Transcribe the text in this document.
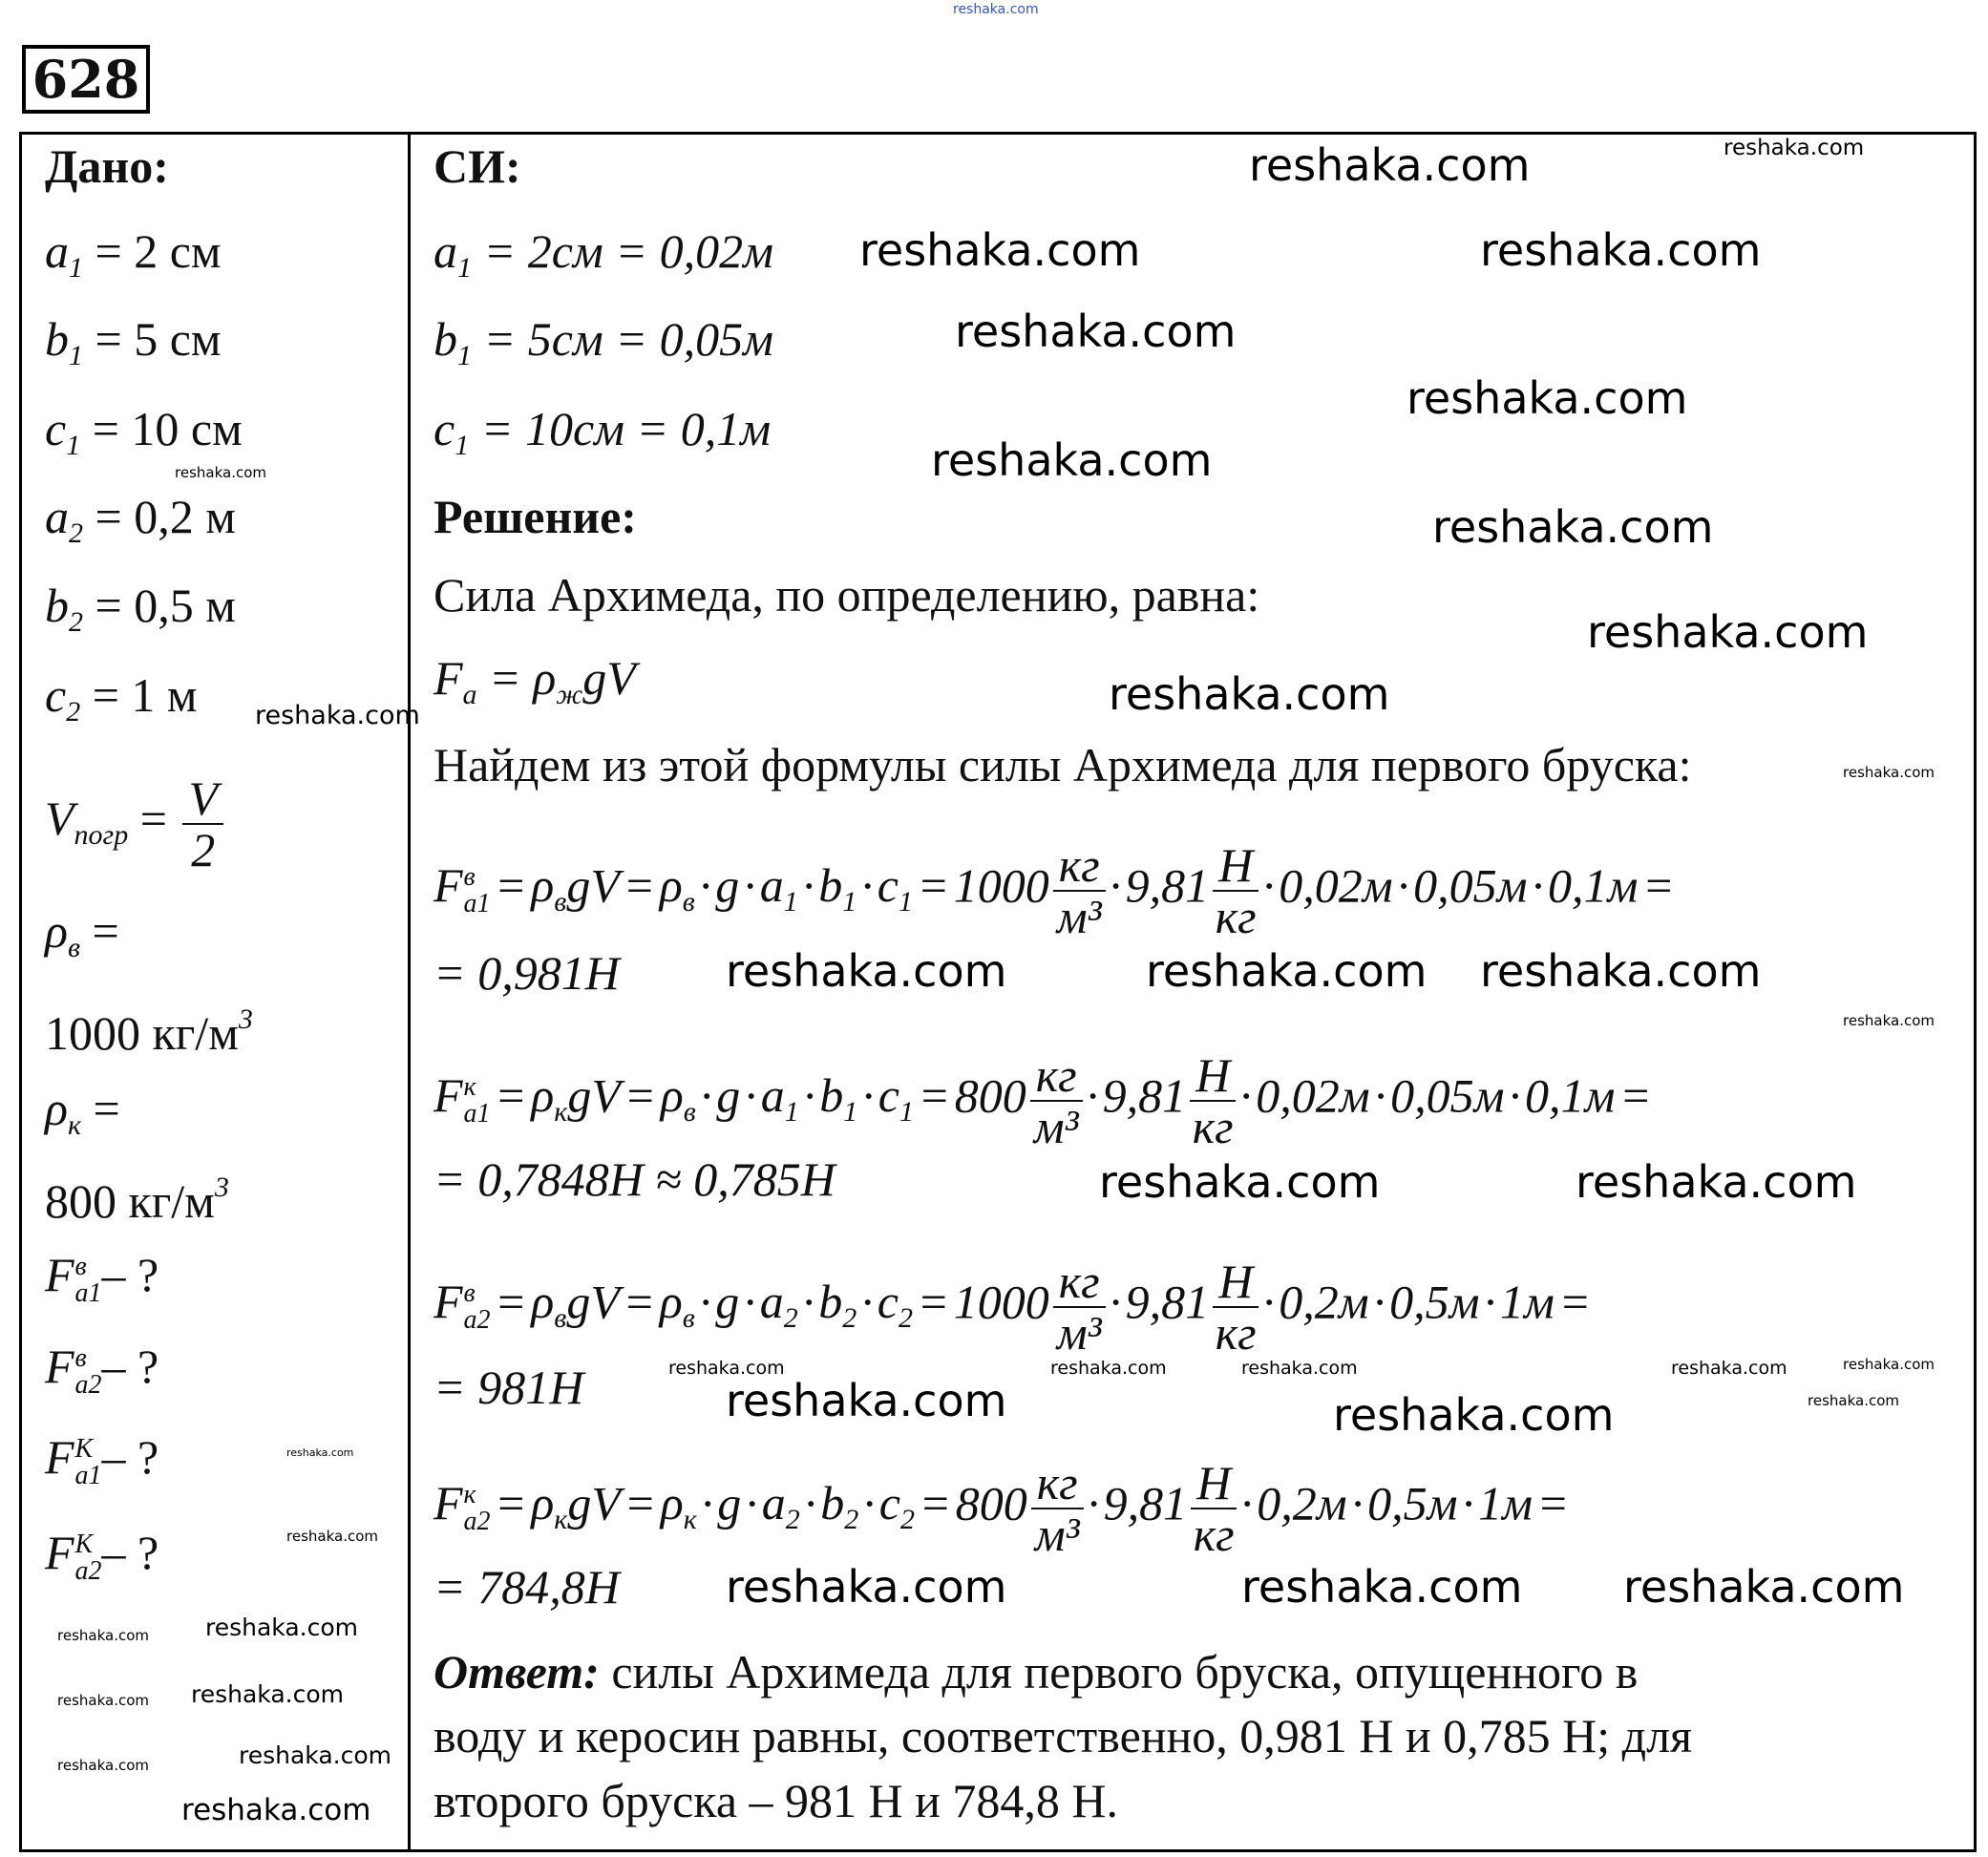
628
Дано:
$a_1 = 2$ см
$b_1 = 5$ см
$c_1 = 10$ см
$a_2 = 0,2$ м
$b_2 = 0,5$ м
$c_2 = 1$ м
$V_{погр} = \frac{V}{2}$
$\rho_в$ =
1000 $кг/м^3$
$\rho_к$ =
800 $кг/м^3$
F в
a1 – ?
F в
a2 – ?
F К
a1 – ?
F К
a2 – ?
СИ:
$a_1 = 2см = 0,02м$
$b_1 = 5см = 0,05м$
$c_1 = 10см = 0,1м$
Решение:
Сила Архимеда, по определению, равна:
$F_a = \rho_жgV$
Найдем из этой формулы силы Архимеда для первого бруска:
F в
$a1 = \rho_вgV = \rho_в \cdot g \cdot a_1 \cdot b_1 \cdot c_1 = 1000 \frac{кг}{\text{м³}} \cdot 9,81 \frac{Н}{кг} \cdot 0,02м \cdot 0,05м \cdot 0,1м$ =
= 0,981Н
F к
$a1 = \rho_кgV = \rho_в \cdot g \cdot a_1 \cdot b_1 \cdot c_1 = 800 \frac{кг}{\text{м³}} \cdot 9,81 \frac{Н}{кг} \cdot 0,02м \cdot 0,05м \cdot 0,1м$ =
= 0,7848Н ≈ 0,785Н
F в
$a2 = \rho_вgV = \rho_в \cdot g \cdot a_2 \cdot b_2 \cdot c_2 = 1000 \frac{кг}{\text{м³}} \cdot 9,81 \frac{Н}{кг} \cdot 0,2м \cdot 0,5м \cdot 1м$ =
= 981Н
F к
$a2 = \rho_кgV = \rho_к \cdot g \cdot a_2 \cdot b_2 \cdot c_2 = 800 \frac{кг}{\text{м³}} \cdot 9,81 \frac{Н}{кг} \cdot 0,2м \cdot 0,5м \cdot 1м$ =
= 784,8Н
Ответ: силы Архимеда для первого бруска, опущенного в
воду и керосин равны, соответственно, 0,981 Н и 0,785 Н; для
второго бруска – 981 Н и 784,8 Н.
reshaka.com
reshaka.com
reshaka.com
reshaka.com
reshaka.com
reshaka.com
reshaka.com
reshaka.com
reshaka.com
reshaka.com
reshaka.com
reshaka.com	reshaka.com
reshaka.com	reshaka.com
reshaka.com
reshaka.com	reshaka.com
reshaka.com	reshaka.com
reshaka.com
reshaka.com
reshaka.com
reshaka.com
reshaka.com
reshaka.com
reshaka.com
reshaka.com
reshaka.com
reshaka.com
reshaka.com
reshaka.com
reshaka.com
reshaka.com
reshaka.com
reshaka.com
reshaka.com	reshaka.com	reshaka.com	reshaka.com
